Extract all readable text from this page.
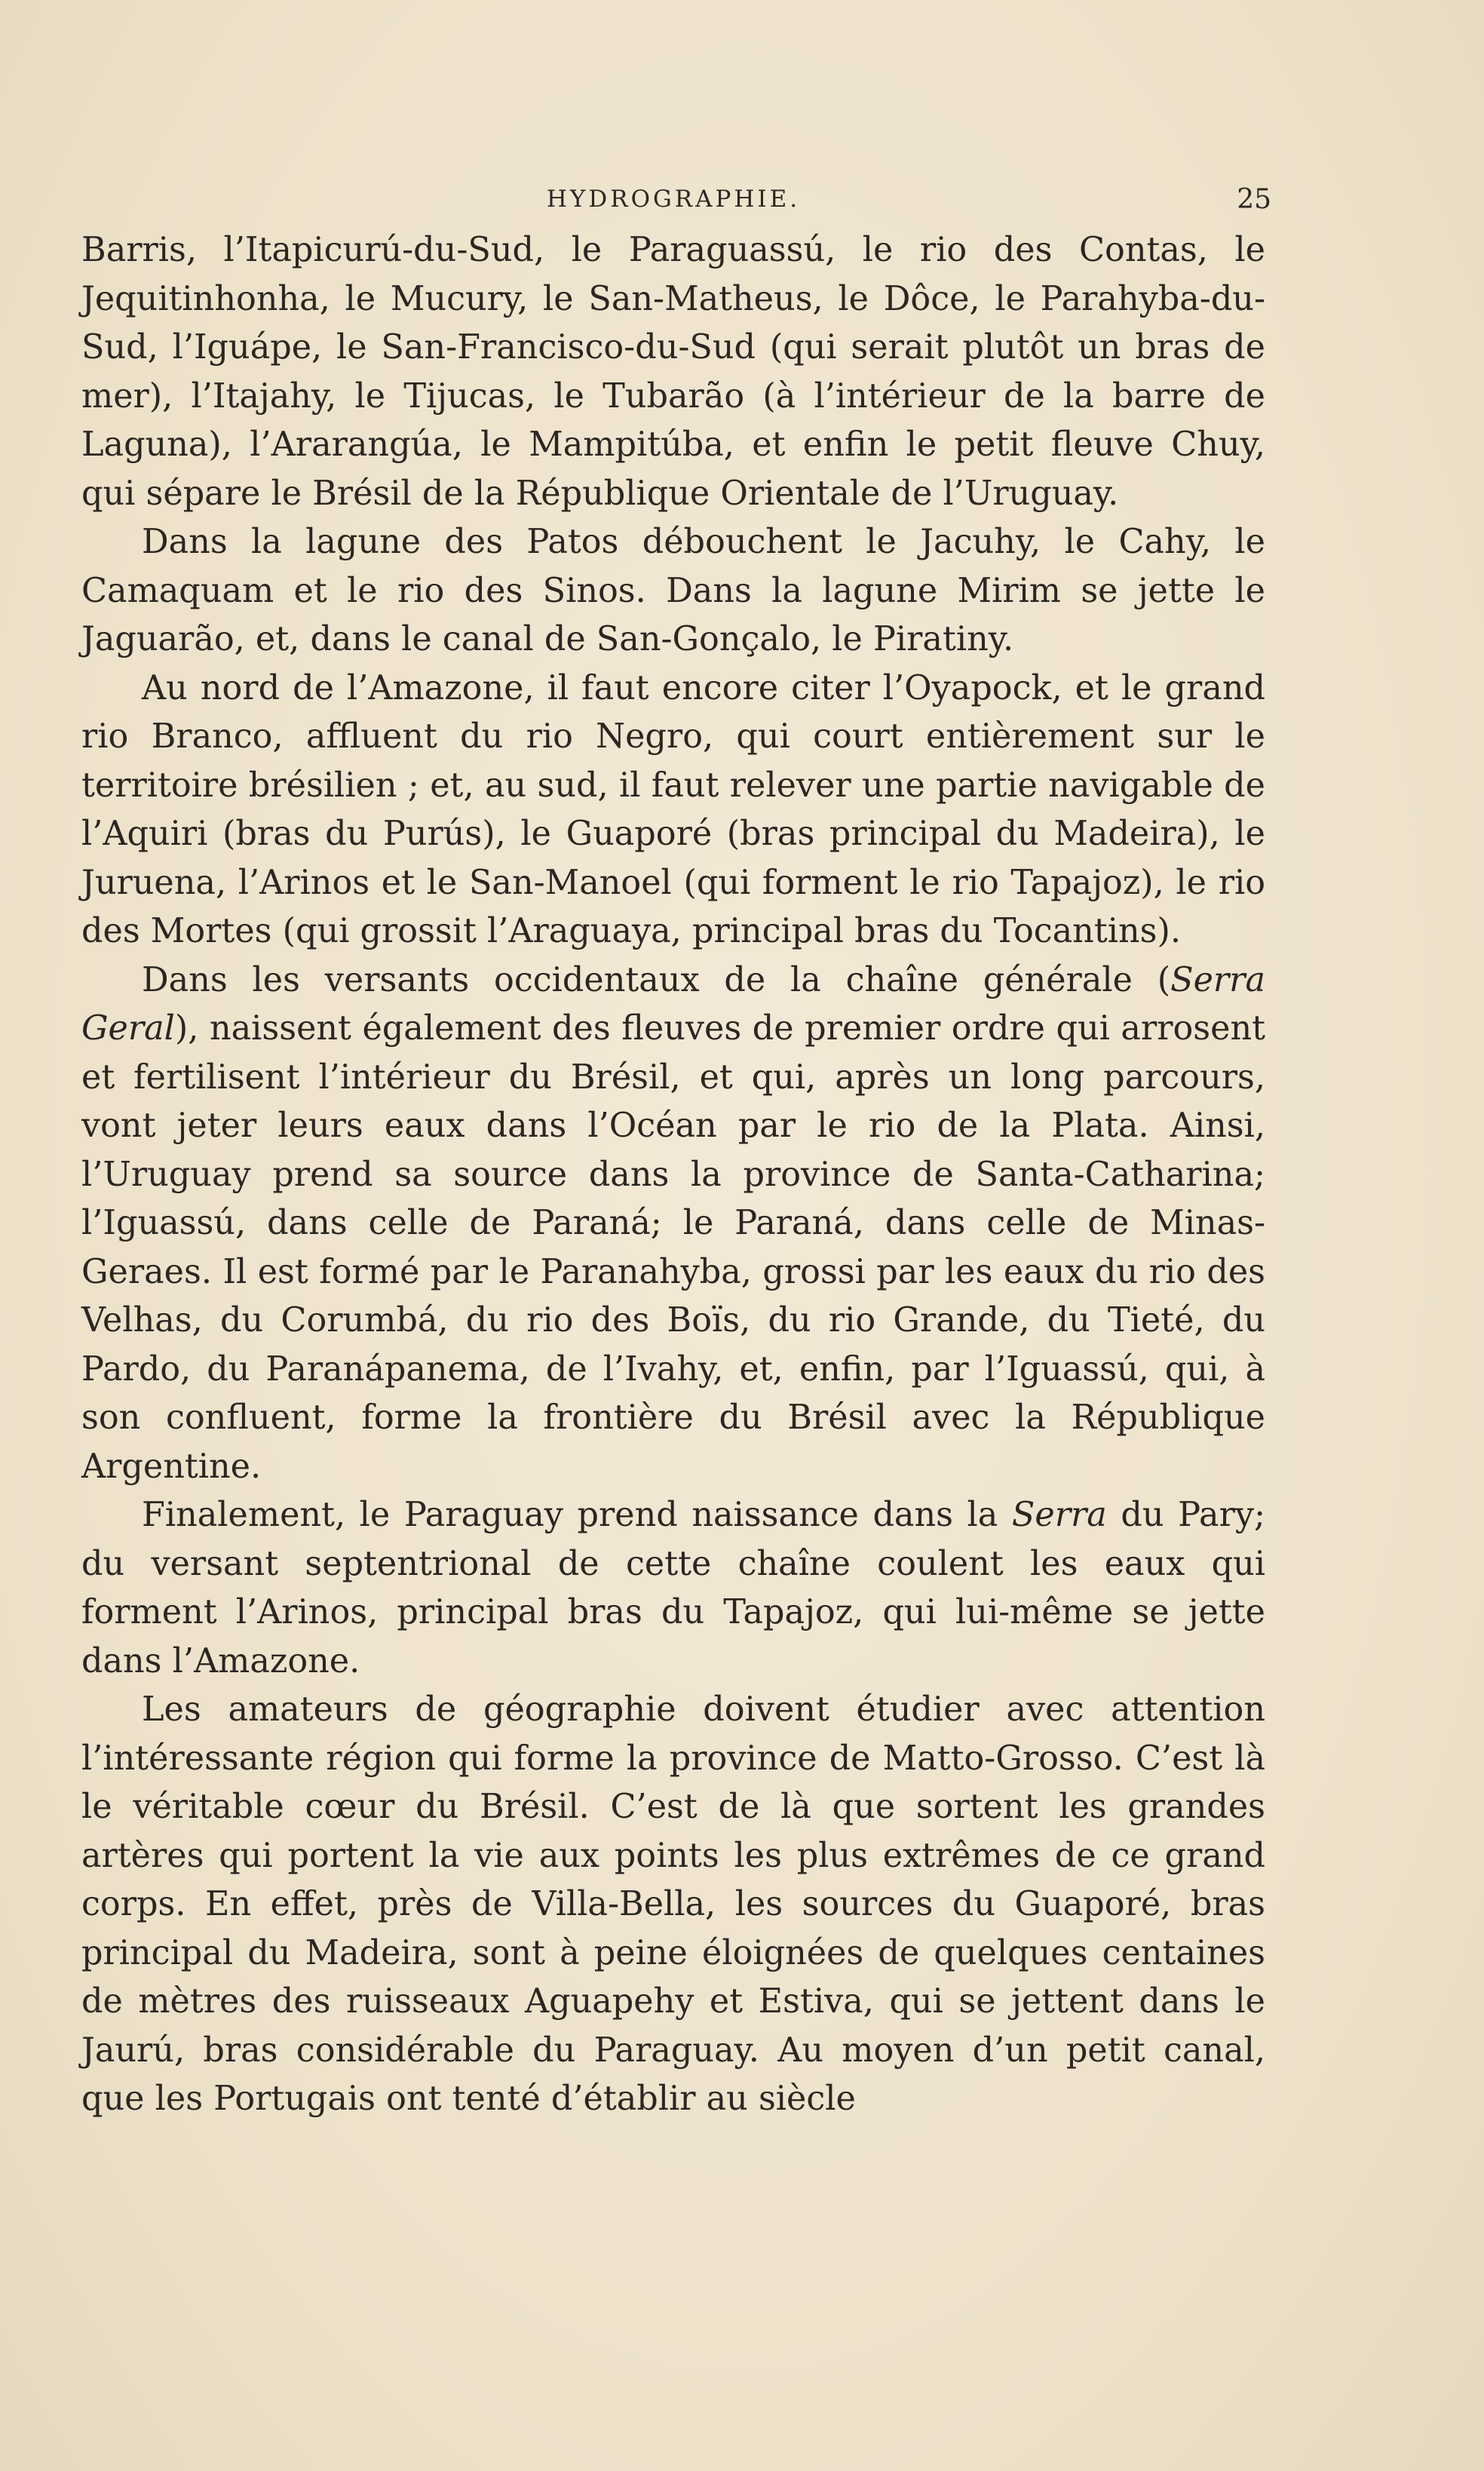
HYDROGRAPHIE.	25

Barris, l’Itapicurú-du-Sud, le Paraguassú, le rio des Contas, le Jequitinhonha, le Mucury, le San-Matheus, le Dôce, le Parahyba-du-Sud, l’Iguápe, le San-Francisco-du-Sud (qui serait plutôt un bras de mer), l’Itajahy, le Tijucas, le Tubarão (à l’intérieur de la barre de Laguna), l’Ararangúa, le Mampitúba, et enfin le petit fleuve Chuy, qui sépare le Brésil de la République Orientale de l’Uruguay.

Dans la lagune des Patos débouchent le Jacuhy, le Cahy, le Camaquam et le rio des Sinos. Dans la lagune Mirim se jette le Jaguarão, et, dans le canal de San-Gonçalo, le Piratiny.

Au nord de l’Amazone, il faut encore citer l’Oyapock, et le grand rio Branco, affluent du rio Negro, qui court entièrement sur le territoire brésilien ; et, au sud, il faut relever une partie navigable de l’Aquiri (bras du Purús), le Guaporé (bras principal du Madeira), le Juruena, l’Arinos et le San-Manoel (qui forment le rio Tapajoz), le rio des Mortes (qui grossit l’Araguaya, principal bras du Tocantins).

Dans les versants occidentaux de la chaîne générale (Serra Geral), naissent également des fleuves de premier ordre qui arrosent et fertilisent l’intérieur du Brésil, et qui, après un long parcours, vont jeter leurs eaux dans l’Océan par le rio de la Plata. Ainsi, l’Uruguay prend sa source dans la province de Santa-Catharina; l’Iguassú, dans celle de Paraná; le Paraná, dans celle de Minas-Geraes. Il est formé par le Paranahyba, grossi par les eaux du rio des Velhas, du Corumbá, du rio des Boïs, du rio Grande, du Tieté, du Pardo, du Paranápanema, de l’Ivahy, et, enfin, par l’Iguassú, qui, à son confluent, forme la frontière du Brésil avec la République Argentine.

Finalement, le Paraguay prend naissance dans la Serra du Pary; du versant septentrional de cette chaîne coulent les eaux qui forment l’Arinos, principal bras du Tapajoz, qui lui-même se jette dans l’Amazone.

Les amateurs de géographie doivent étudier avec attention l’intéressante région qui forme la province de Matto-Grosso. C’est là le véritable cœur du Brésil. C’est de là que sortent les grandes artères qui portent la vie aux points les plus extrêmes de ce grand corps. En effet, près de Villa-Bella, les sources du Guaporé, bras principal du Madeira, sont à peine éloignées de quelques centaines de mètres des ruisseaux Aguapehy et Estiva, qui se jettent dans le Jaurú, bras considérable du Paraguay. Au moyen d’un petit canal, que les Portugais ont tenté d’établir au siècle
